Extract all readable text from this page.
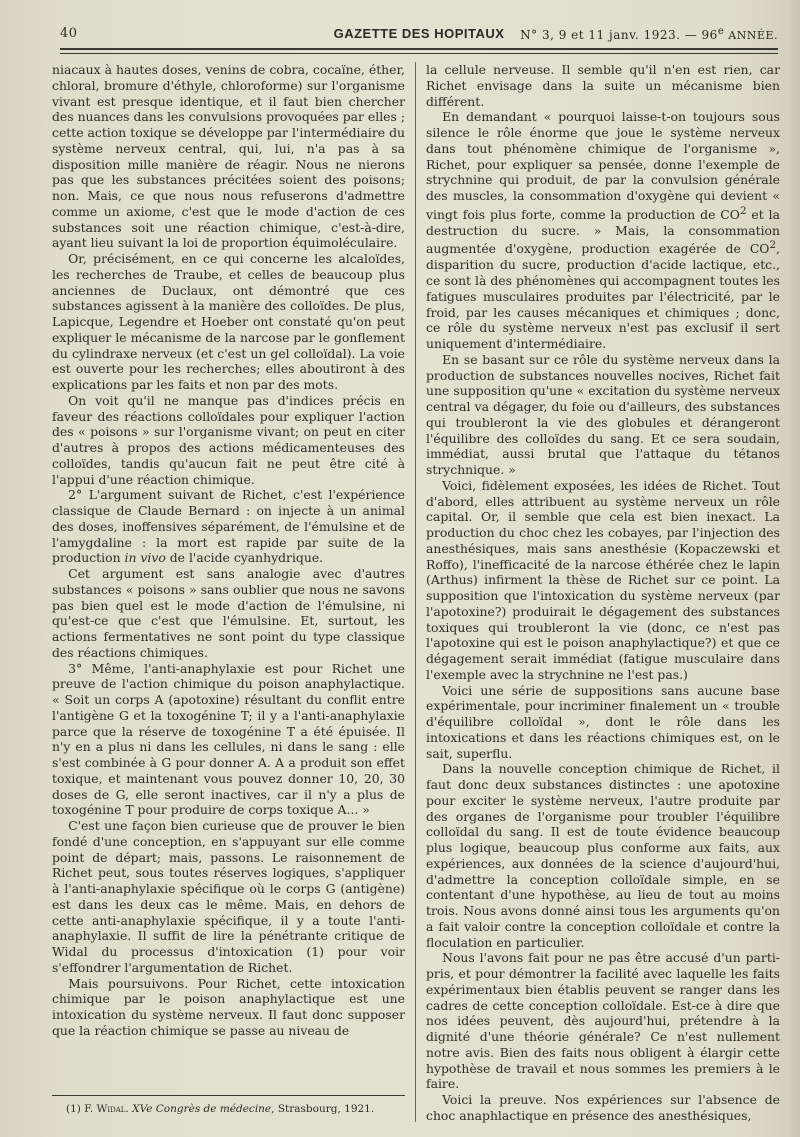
40	GAZETTE DES HOPITAUX	N° 3, 9 et 11 janv. 1923. — 96e ANNÉE.

niacaux à hautes doses, venins de cobra, cocaïne, éther, chloral, bromure d'éthyle, chloroforme) sur l'organisme vivant est presque identique, et il faut bien chercher des nuances dans les convulsions provoquées par elles ; cette action toxique se développe par l'intermédiaire du système nerveux central, qui, lui, n'a pas à sa disposition mille manière de réagir. Nous ne nierons pas que les substances précitées soient des poisons; non. Mais, ce que nous nous refuserons d'admettre comme un axiome, c'est que le mode d'action de ces substances soit une réaction chimique, c'est-à-dire, ayant lieu suivant la loi de proportion équimoléculaire.

Or, précisément, en ce qui concerne les alcaloïdes, les recherches de Traube, et celles de beaucoup plus anciennes de Duclaux, ont démontré que ces substances agissent à la manière des colloïdes. De plus, Lapicque, Legendre et Hoeber ont constaté qu'on peut expliquer le mécanisme de la narcose par le gonflement du cylindraxe nerveux (et c'est un gel colloïdal). La voie est ouverte pour les recherches; elles aboutiront à des explications par les faits et non par des mots.

On voit qu'il ne manque pas d'indices précis en faveur des réactions colloïdales pour expliquer l'action des « poisons » sur l'organisme vivant; on peut en citer d'autres à propos des actions médicamenteuses des colloïdes, tandis qu'aucun fait ne peut être cité à l'appui d'une réaction chimique.

2° L'argument suivant de Richet, c'est l'expérience classique de Claude Bernard : on injecte à un animal des doses, inoffensives séparément, de l'émulsine et de l'amygdaline : la mort est rapide par suite de la production in vivo de l'acide cyanhydrique.

Cet argument est sans analogie avec d'autres substances « poisons » sans oublier que nous ne savons pas bien quel est le mode d'action de l'émulsine, ni qu'est-ce que c'est que l'émulsine. Et, surtout, les actions fermentatives ne sont point du type classique des réactions chimiques.

3° Même, l'anti-anaphylaxie est pour Richet une preuve de l'action chimique du poison anaphylactique. « Soit un corps A (apotoxine) résultant du conflit entre l'antigène G et la toxogénine T; il y a l'anti-anaphylaxie parce que la réserve de toxogénine T a été épuisée. Il n'y en a plus ni dans les cellules, ni dans le sang : elle s'est combinée à G pour donner A. A a produit son effet toxique, et maintenant vous pouvez donner 10, 20, 30 doses de G, elle seront inactives, car il n'y a plus de toxogénine T pour produire de corps toxique A... »

C'est une façon bien curieuse que de prouver le bien fondé d'une conception, en s'appuyant sur elle comme point de départ; mais, passons. Le raisonnement de Richet peut, sous toutes réserves logiques, s'appliquer à l'anti-anaphylaxie spécifique où le corps G (antigène) est dans les deux cas le même. Mais, en dehors de cette anti-anaphylaxie spécifique, il y a toute l'anti-anaphylaxie. Il suffit de lire la pénétrante critique de Widal du processus d'intoxication (1) pour voir s'effondrer l'argumentation de Richet.

Mais poursuivons. Pour Richet, cette intoxication chimique par le poison anaphylactique est une intoxication du système nerveux. Il faut donc supposer que la réaction chimique se passe au niveau de

la cellule nerveuse. Il semble qu'il n'en est rien, car Richet envisage dans la suite un mécanisme bien différent.

En demandant « pourquoi laisse-t-on toujours sous silence le rôle énorme que joue le système nerveux dans tout phénomène chimique de l'organisme », Richet, pour expliquer sa pensée, donne l'exemple de strychnine qui produit, de par la convulsion générale des muscles, la consommation d'oxygène qui devient « vingt fois plus forte, comme la production de $CO^2$ et la destruction du sucre. » Mais, la consommation augmentée d'oxygène, production exagérée de $CO^2$, disparition du sucre, production d'acide lactique, etc., ce sont là des phénomènes qui accompagnent toutes les fatigues musculaires produites par l'électricité, par le froid, par les causes mécaniques et chimiques ; donc, ce rôle du système nerveux n'est pas exclusif il sert uniquement d'intermédiaire.

En se basant sur ce rôle du système nerveux dans la production de substances nouvelles nocives, Richet fait une supposition qu'une « excitation du système nerveux central va dégager, du foie ou d'ailleurs, des substances qui troubleront la vie des globules et dérangeront l'équilibre des colloïdes du sang. Et ce sera soudain, immédiat, aussi brutal que l'attaque du tétanos strychnique. »

Voici, fidèlement exposées, les idées de Richet. Tout d'abord, elles attribuent au système nerveux un rôle capital. Or, il semble que cela est bien inexact. La production du choc chez les cobayes, par l'injection des anesthésiques, mais sans anesthésie (Kopaczewski et Roffo), l'inefficacité de la narcose éthérée chez le lapin (Arthus) infirment la thèse de Richet sur ce point. La supposition que l'intoxication du système nerveux (par l'apotoxine?) produirait le dégagement des substances toxiques qui troubleront la vie (donc, ce n'est pas l'apotoxine qui est le poison anaphylactique?) et que ce dégagement serait immédiat (fatigue musculaire dans l'exemple avec la strychnine ne l'est pas.)

Voici une série de suppositions sans aucune base expérimentale, pour incriminer finalement un « trouble d'équilibre colloïdal », dont le rôle dans les intoxications et dans les réactions chimiques est, on le sait, superflu.

Dans la nouvelle conception chimique de Richet, il faut donc deux substances distinctes : une apotoxine pour exciter le système nerveux, l'autre produite par des organes de l'organisme pour troubler l'équilibre colloïdal du sang. Il est de toute évidence beaucoup plus logique, beaucoup plus conforme aux faits, aux expériences, aux données de la science d'aujourd'hui, d'admettre la conception colloïdale simple, en se contentant d'une hypothèse, au lieu de tout au moins trois. Nous avons donné ainsi tous les arguments qu'on a fait valoir contre la conception colloïdale et contre la floculation en particulier.

Nous l'avons fait pour ne pas être accusé d'un parti-pris, et pour démontrer la facilité avec laquelle les faits expérimentaux bien établis peuvent se ranger dans les cadres de cette conception colloïdale. Est-ce à dire que nos idées peuvent, dès aujourd'hui, prétendre à la dignité d'une théorie générale? Ce n'est nullement notre avis. Bien des faits nous obligent à élargir cette hypothèse de travail et nous sommes les premiers à le faire.

Voici la preuve. Nos expériences sur l'absence de choc anaphlactique en présence des anesthésiques,

(1) F. Widal. XVe Congrès de médecine, Strasbourg, 1921.
